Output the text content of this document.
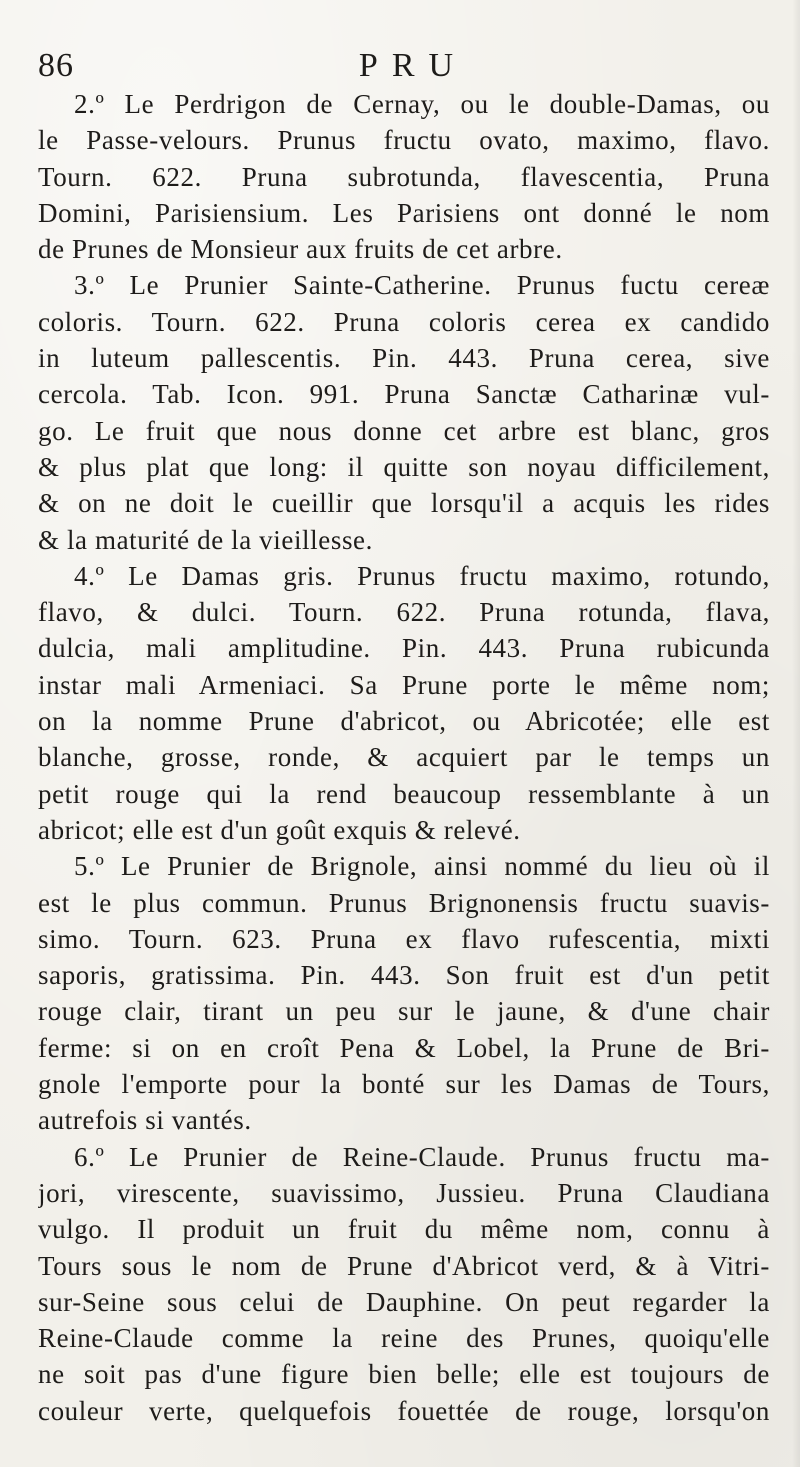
86	PRU
2.º Le Perdrigon de Cernay, ou le double-Damas, ou
le Passe-velours. Prunus fructu ovato, maximo, flavo.
Tourn. 622. Pruna subrotunda, flavescentia, Pruna
Domini, Parisiensium. Les Parisiens ont donné le nom
de Prunes de Monsieur aux fruits de cet arbre.
3.º Le Prunier Sainte-Catherine. Prunus fuctu cereæ
coloris. Tourn. 622. Pruna coloris cerea ex candido
in luteum pallescentis. Pin. 443. Pruna cerea, sive
cercola. Tab. Icon. 991. Pruna Sanctæ Catharinæ vul-
go. Le fruit que nous donne cet arbre est blanc, gros
& plus plat que long: il quitte son noyau difficilement,
& on ne doit le cueillir que lorsqu'il a acquis les rides
& la maturité de la vieillesse.
4.º Le Damas gris. Prunus fructu maximo, rotundo,
flavo, & dulci. Tourn. 622. Pruna rotunda, flava,
dulcia, mali amplitudine. Pin. 443. Pruna rubicunda
instar mali Armeniaci. Sa Prune porte le même nom;
on la nomme Prune d'abricot, ou Abricotée; elle est
blanche, grosse, ronde, & acquiert par le temps un
petit rouge qui la rend beaucoup ressemblante à un
abricot; elle est d'un goût exquis & relevé.
5.º Le Prunier de Brignole, ainsi nommé du lieu où il
est le plus commun. Prunus Brignonensis fructu suavis-
simo. Tourn. 623. Pruna ex flavo rufescentia, mixti
saporis, gratissima. Pin. 443. Son fruit est d'un petit
rouge clair, tirant un peu sur le jaune, & d'une chair
ferme: si on en croît Pena & Lobel, la Prune de Bri-
gnole l'emporte pour la bonté sur les Damas de Tours,
autrefois si vantés.
6.º Le Prunier de Reine-Claude. Prunus fructu ma-
jori, virescente, suavissimo, Jussieu. Pruna Claudiana
vulgo. Il produit un fruit du même nom, connu à
Tours sous le nom de Prune d'Abricot verd, & à Vitri-
sur-Seine sous celui de Dauphine. On peut regarder la
Reine-Claude comme la reine des Prunes, quoiqu'elle
ne soit pas d'une figure bien belle; elle est toujours de
couleur verte, quelquefois fouettée de rouge, lorsqu'on
